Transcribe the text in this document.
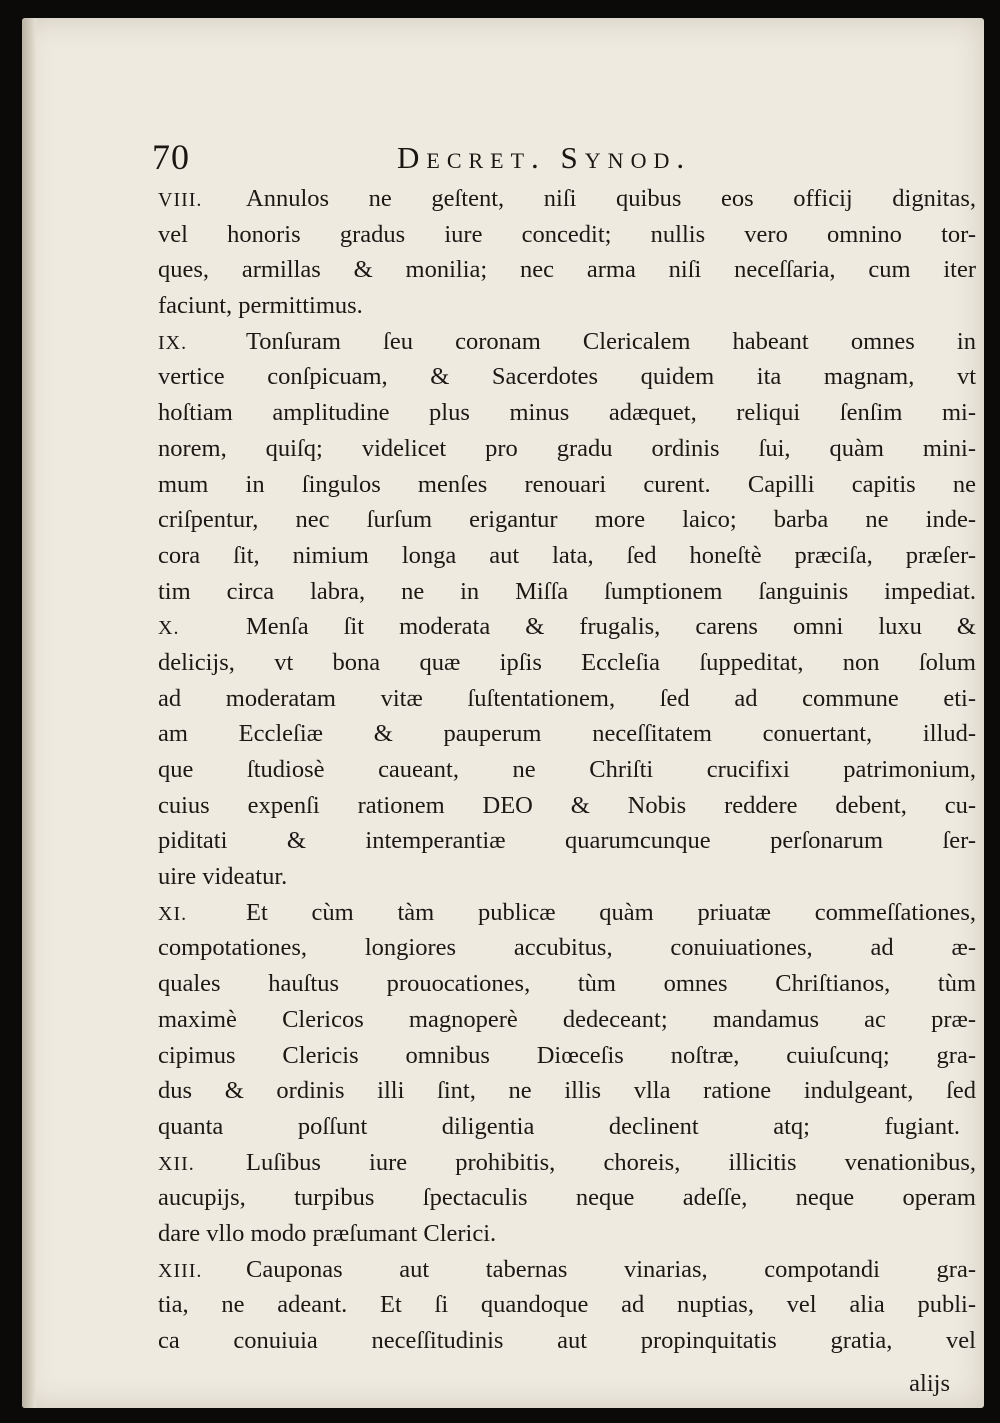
70	Decret. Synod.
VIII. Annulos ne geſtent, niſi quibus eos officij dignitas,
vel honoris gradus iure concedit; nullis vero omnino tor-
ques, armillas & monilia; nec arma niſi neceſſaria, cum iter
faciunt, permittimus.
IX. Tonſuram ſeu coronam Clericalem habeant omnes in
vertice conſpicuam, & Sacerdotes quidem ita magnam, vt
hoſtiam amplitudine plus minus adæquet, reliqui ſenſim mi-
norem, quiſq; videlicet pro gradu ordinis ſui, quàm mini-
mum in ſingulos menſes renouari curent. Capilli capitis ne
criſpentur, nec ſurſum erigantur more laico; barba ne inde-
cora ſit, nimium longa aut lata, ſed honeſtè præciſa, præſer-
tim circa labra, ne in Miſſa ſumptionem ſanguinis impediat.
X.	Menſa ſit moderata & frugalis, carens omni luxu &
delicijs, vt bona quæ ipſis Eccleſia ſuppeditat, non ſolum
ad moderatam vitæ ſuſtentationem, ſed ad commune eti-
am Eccleſiæ & pauperum neceſſitatem conuertant, illud-
que ſtudiosè caueant, ne Chriſti crucifixi patrimonium,
cuius expenſi rationem DEO & Nobis reddere debent, cu-
piditati & intemperantiæ quarumcunque perſonarum ſer-
uire videatur.
XI. Et cùm tàm publicæ quàm priuatæ commeſſationes,
compotationes, longiores accubitus, conuiuationes, ad æ-
quales hauſtus prouocationes, tùm omnes Chriſtianos, tùm
maximè Clericos magnoperè dedeceant; mandamus ac præ-
cipimus Clericis omnibus Diœceſis noſtræ, cuiuſcunq; gra-
dus & ordinis illi ſint, ne illis vlla ratione indulgeant, ſed
quanta poſſunt diligentia declinent atq; fugiant.
XII. Luſibus iure prohibitis, choreis, illicitis venationibus,
aucupijs, turpibus ſpectaculis neque adeſſe, neque operam
dare vllo modo præſumant Clerici.
XIII. Cauponas aut tabernas vinarias, compotandi gra-
tia, ne adeant. Et ſi quandoque ad nuptias, vel alia publi-
ca conuiuia neceſſitudinis aut propinquitatis gratia, vel
alijs
